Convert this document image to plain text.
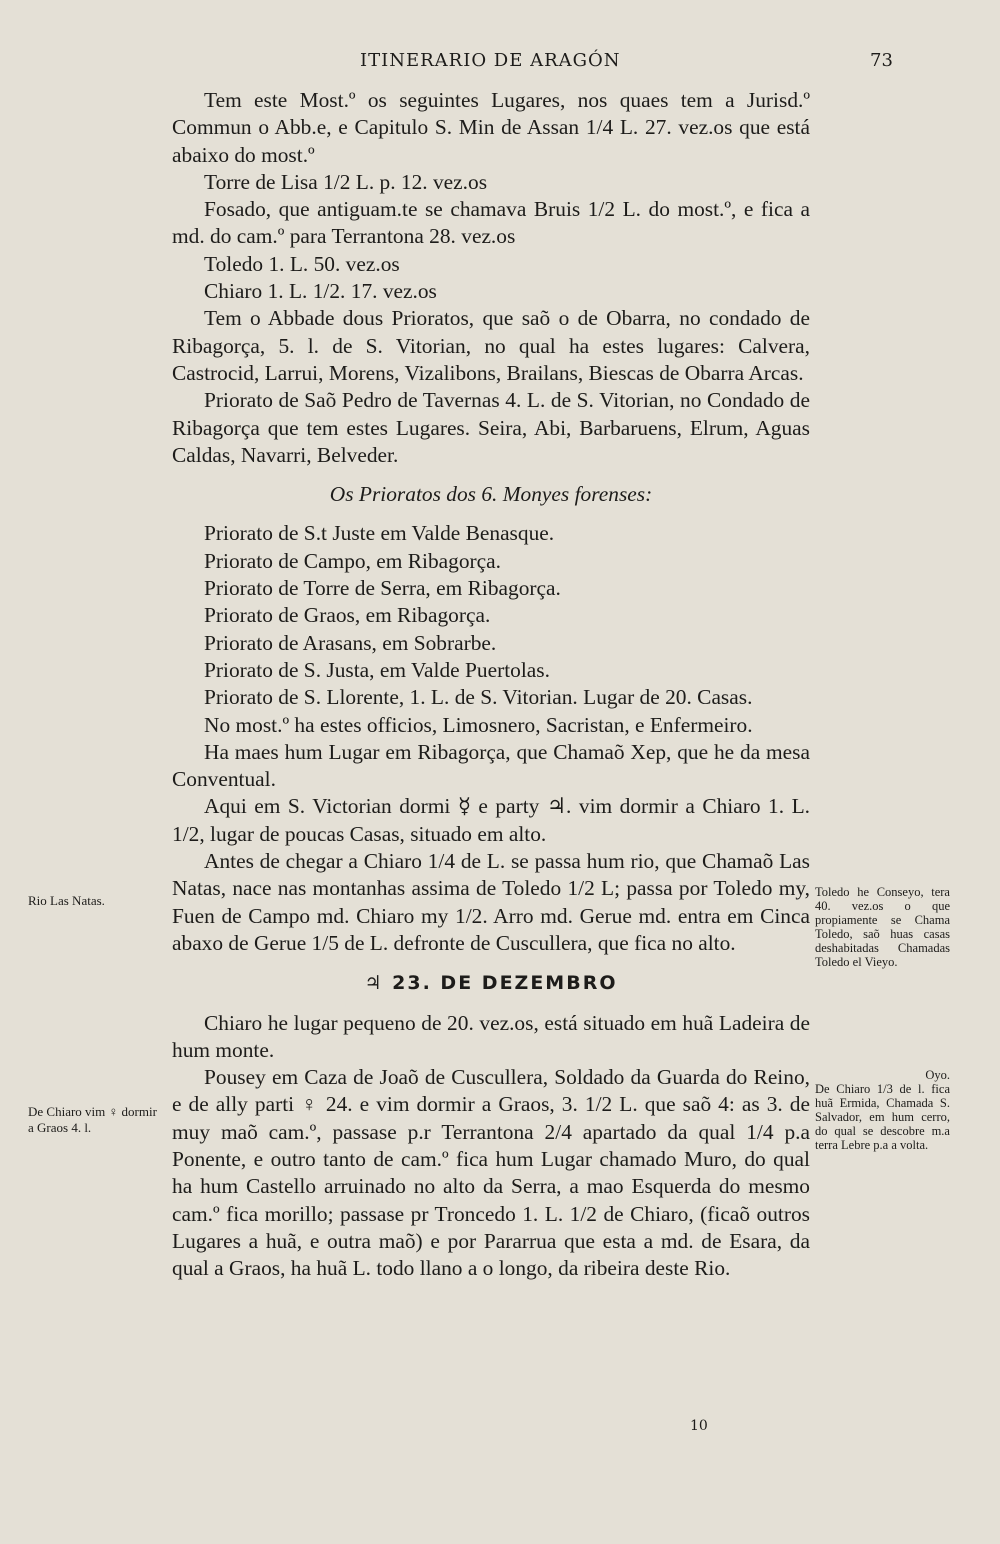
ITINERARIO DE ARAGÓN	73

Tem este Most.º os seguintes Lugares, nos quaes tem a Jurisd.º Commun o Abb.e, e Capitulo S. Min de Assan 1/4 L. 27. vez.os que está abaixo do most.º

Torre de Lisa 1/2 L. p. 12. vez.os

Fosado, que antiguam.te se chamava Bruis 1/2 L. do most.º, e fica a md. do cam.º para Terrantona 28. vez.os

Toledo 1. L. 50. vez.os

Chiaro 1. L. 1/2. 17. vez.os

Tem o Abbade dous Prioratos, que saõ o de Obarra, no condado de Ribagorça, 5. l. de S. Vitorian, no qual ha estes lugares: Calvera, Castrocid, Larrui, Morens, Vizalibons, Brailans, Biescas de Obarra Arcas.

Priorato de Saõ Pedro de Tavernas 4. L. de S. Vitorian, no Condado de Ribagorça que tem estes Lugares. Seira, Abi, Barbaruens, Elrum, Aguas Caldas, Navarri, Belveder.

Os Prioratos dos 6. Monyes forenses:

Priorato de S.t Juste em Valde Benasque.

Priorato de Campo, em Ribagorça.

Priorato de Torre de Serra, em Ribagorça.

Priorato de Graos, em Ribagorça.

Priorato de Arasans, em Sobrarbe.

Priorato de S. Justa, em Valde Puertolas.

Priorato de S. Llorente, 1. L. de S. Vitorian. Lugar de 20. Casas.

No most.º ha estes officios, Limosnero, Sacristan, e Enfermeiro.

Ha maes hum Lugar em Ribagorça, que Chamaõ Xep, que he da mesa Conventual.

Aqui em S. Victorian dormi ☿ e party ♃. vim dormir a Chiaro 1. L. 1/2, lugar de poucas Casas, situado em alto.

Antes de chegar a Chiaro 1/4 de L. se passa hum rio, que Chamaõ Las Natas, nace nas montanhas assima de Toledo 1/2 L; passa por Toledo my, Fuen de Campo md. Chiaro my 1/2. Arro md. Gerue md. entra em Cinca abaxo de Gerue 1/5 de L. defronte de Cuscullera, que fica no alto.

♃ 23. DE DEZEMBRO

Chiaro he lugar pequeno de 20. vez.os, está situado em huã Ladeira de hum monte.

Pousey em Caza de Joaõ de Cuscullera, Soldado da Guarda do Reino, e de ally parti ♀ 24. e vim dormir a Graos, 3. 1/2 L. que saõ 4: as 3. de muy maõ cam.º, passase p.r Terrantona 2/4 apartado da qual 1/4 p.a Ponente, e outro tanto de cam.º fica hum Lugar chamado Muro, do qual ha hum Castello arruinado no alto da Serra, a mao Esquerda do mesmo cam.º fica morillo; passase pr Troncedo 1. L. 1/2 de Chiaro, (ficaõ outros Lugares a huã, e outra maõ) e por Pararrua que esta a md. de Esara, da qual a Graos, ha huã L. todo llano a o longo, da ribeira deste Rio.

Rio Las Natas.
De Chiaro vim ♀ dormir a Graos 4. l.
Toledo he Conseyo, tera 40. vez.os o que propiamente se Chama Toledo, saõ huas casas deshabitadas Chamadas Toledo el Vieyo.
Oyo.
De Chiaro 1/3 de l. fica huã Ermida, Chamada S. Salvador, em hum cerro, do qual se descobre m.a terra Lebre p.a a volta.
10
